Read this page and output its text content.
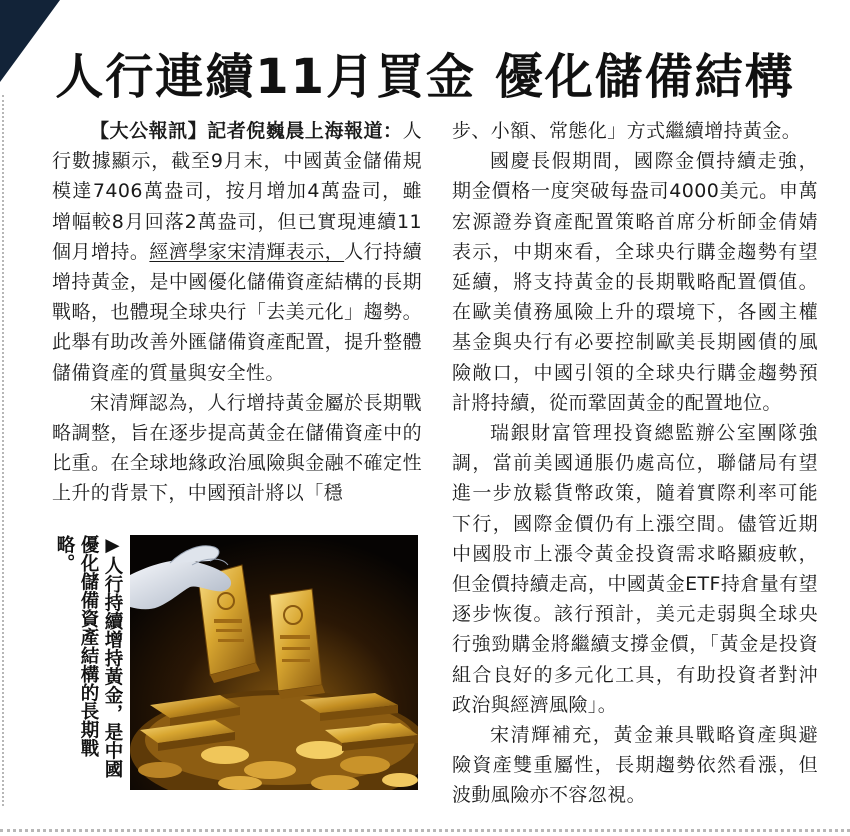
人行連續11月買金 優化儲備結構

【大公報訊】記者倪巍晨上海報道：人行數據顯示，截至9月末，中國黃金儲備規模達7406萬盎司，按月增加4萬盎司，雖增幅較8月回落2萬盎司，但已實現連續11個月增持。經濟學家宋清輝表示，人行持續增持黃金，是中國優化儲備資產結構的長期戰略，也體現全球央行「去美元化」趨勢。此舉有助改善外匯儲備資產配置，提升整體儲備資產的質量與安全性。

宋清輝認為，人行增持黃金屬於長期戰略調整，旨在逐步提高黃金在儲備資產中的比重。在全球地緣政治風險與金融不確定性上升的背景下，中國預計將以「穩

▶人行持續增持黃金，是中國優化儲備資產結構的長期戰略。

步、小額、常態化」方式繼續增持黃金。

國慶長假期間，國際金價持續走強，期金價格一度突破每盎司4000美元。申萬宏源證券資產配置策略首席分析師金倩婧表示，中期來看，全球央行購金趨勢有望延續，將支持黃金的長期戰略配置價值。在歐美債務風險上升的環境下，各國主權基金與央行有必要控制歐美長期國債的風險敞口，中國引領的全球央行購金趨勢預計將持續，從而鞏固黃金的配置地位。

瑞銀財富管理投資總監辦公室團隊強調，當前美國通脹仍處高位，聯儲局有望進一步放鬆貨幣政策，隨着實際利率可能下行，國際金價仍有上漲空間。儘管近期中國股市上漲令黃金投資需求略顯疲軟，但金價持續走高，中國黃金ETF持倉量有望逐步恢復。該行預計，美元走弱與全球央行強勁購金將繼續支撐金價，「黃金是投資組合良好的多元化工具，有助投資者對沖政治與經濟風險」。

宋清輝補充，黃金兼具戰略資產與避險資產雙重屬性，長期趨勢依然看漲，但波動風險亦不容忽視。
